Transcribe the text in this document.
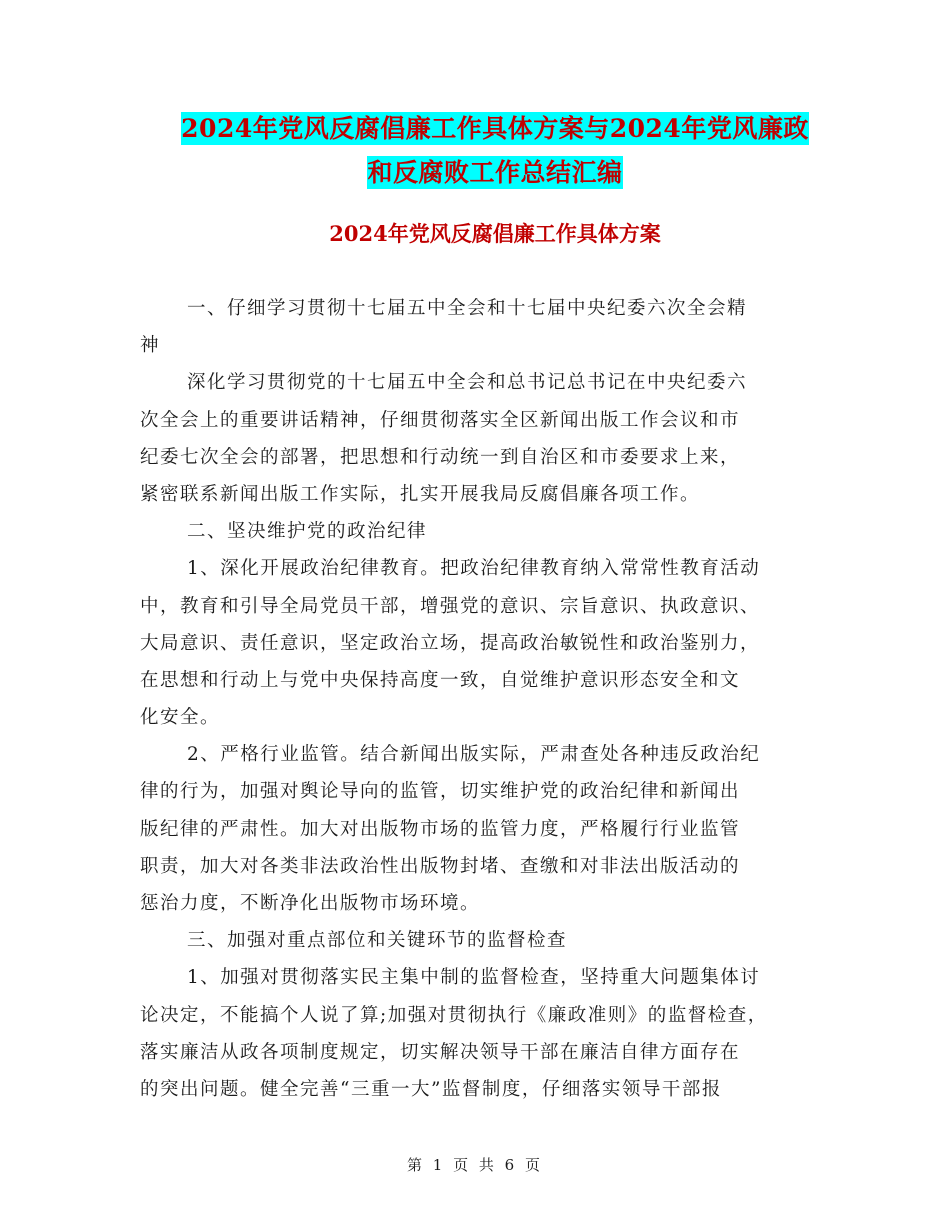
2024年党风反腐倡廉工作具体方案与2024年党风廉政
和反腐败工作总结汇编
2024年党风反腐倡廉工作具体方案
一、仔细学习贯彻十七届五中全会和十七届中央纪委六次全会精
神
深化学习贯彻党的十七届五中全会和总书记总书记在中央纪委六
次全会上的重要讲话精神，仔细贯彻落实全区新闻出版工作会议和市
纪委七次全会的部署，把思想和行动统一到自治区和市委要求上来，
紧密联系新闻出版工作实际，扎实开展我局反腐倡廉各项工作。
二、坚决维护党的政治纪律
1、深化开展政治纪律教育。把政治纪律教育纳入常常性教育活动
中，教育和引导全局党员干部，增强党的意识、宗旨意识、执政意识、
大局意识、责任意识，坚定政治立场，提高政治敏锐性和政治鉴别力，
在思想和行动上与党中央保持高度一致，自觉维护意识形态安全和文
化安全。
2、严格行业监管。结合新闻出版实际，严肃查处各种违反政治纪
律的行为，加强对舆论导向的监管，切实维护党的政治纪律和新闻出
版纪律的严肃性。加大对出版物市场的监管力度，严格履行行业监管
职责，加大对各类非法政治性出版物封堵、查缴和对非法出版活动的
惩治力度，不断净化出版物市场环境。
三、加强对重点部位和关键环节的监督检查
1、加强对贯彻落实民主集中制的监督检查，坚持重大问题集体讨
论决定，不能搞个人说了算;加强对贯彻执行《廉政准则》的监督检查，
落实廉洁从政各项制度规定，切实解决领导干部在廉洁自律方面存在
的突出问题。健全完善“三重一大”监督制度，仔细落实领导干部报
第 1 页 共 6 页
